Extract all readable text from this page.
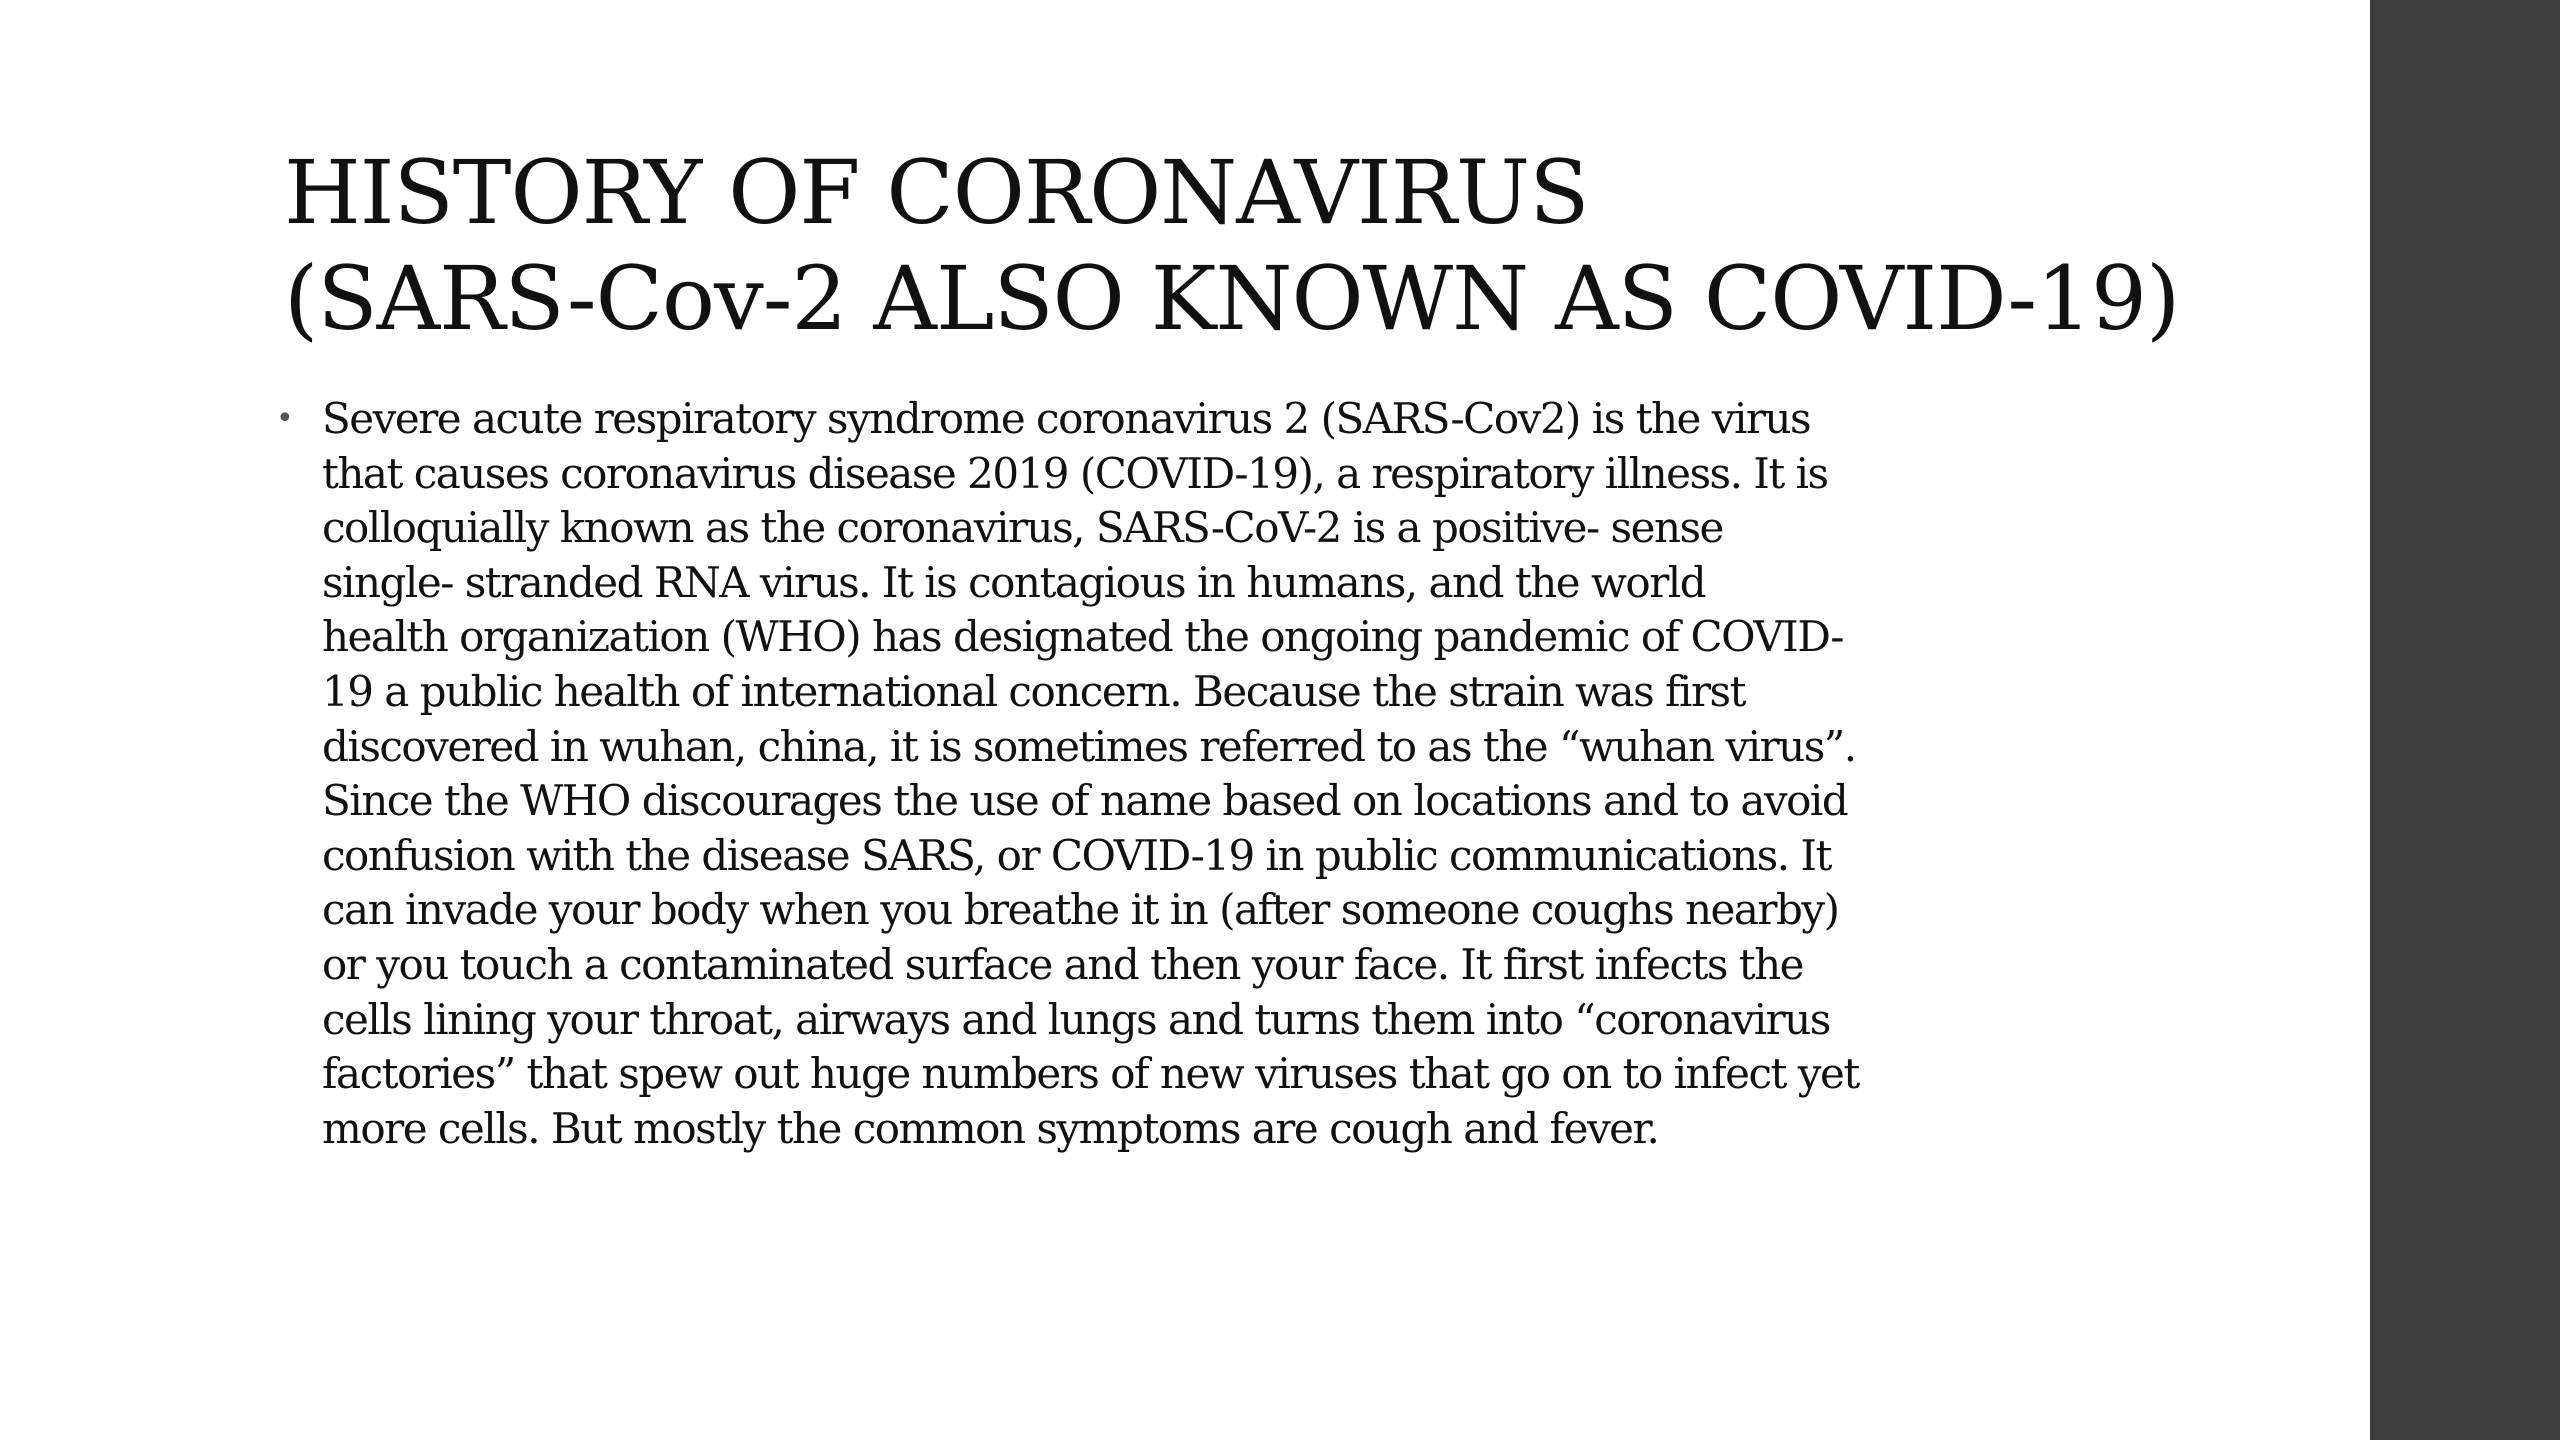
HISTORY OF CORONAVIRUS
(SARS-Cov-2 ALSO KNOWN AS COVID-19)
• Severe acute respiratory syndrome coronavirus 2 (SARS-Cov2) is the virus
that causes coronavirus disease 2019 (COVID-19), a respiratory illness. It is
colloquially known as the coronavirus, SARS-CoV-2 is a positive- sense
single- stranded RNA virus. It is contagious in humans, and the world
health organization (WHO) has designated the ongoing pandemic of COVID-
19 a public health of international concern. Because the strain was first
discovered in wuhan, china, it is sometimes referred to as the “wuhan virus”.
Since the WHO discourages the use of name based on locations and to avoid
confusion with the disease SARS, or COVID-19 in public communications. It
can invade your body when you breathe it in (after someone coughs nearby)
or you touch a contaminated surface and then your face. It first infects the
cells lining your throat, airways and lungs and turns them into “coronavirus
factories” that spew out huge numbers of new viruses that go on to infect yet
more cells. But mostly the common symptoms are cough and fever.
